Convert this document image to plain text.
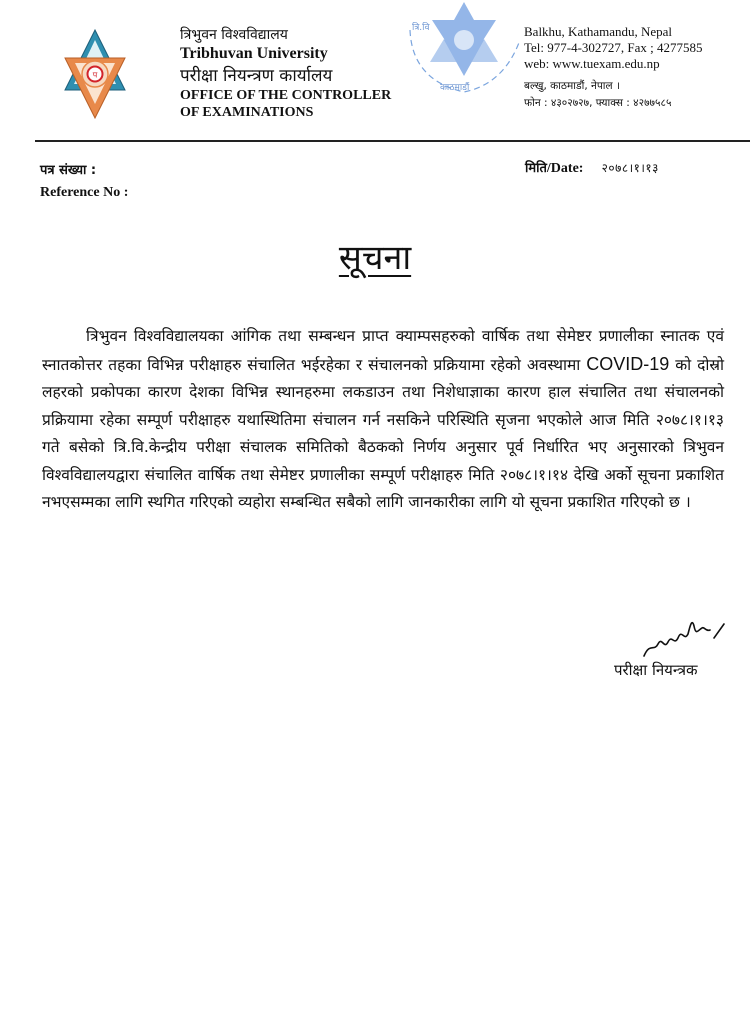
प
त्रिभुवन विश्वविद्यालय
Tribhuvan University
परीक्षा नियन्त्रण कार्यालय
OFFICE OF THE CONTROLLER
OF EXAMINATIONS
काठमाडौं
त्रि.वि	Balkhu, Kathamandu, Nepal
Tel: 977-4-302727, Fax ; 4277585
web: www.tuexam.edu.np
बल्खु, काठमाडौं, नेपाल ।
फोन : ४३०२७२७, फ्याक्स : ४२७७५८५
पत्र संख्या :
Reference No :
मिति/Date: २०७८।१।१३
सूचना
त्रिभुवन विश्वविद्यालयका आंगिक तथा सम्बन्धन प्राप्त क्याम्पसहरुको वार्षिक तथा सेमेष्टर प्रणालीका स्नातक एवं स्नातकोत्तर तहका विभिन्न परीक्षाहरु संचालित भईरहेका र संचालनको प्रक्रियामा रहेको अवस्थामा COVID-19 को दोस्रो लहरको प्रकोपका कारण देशका विभिन्न स्थानहरुमा लकडाउन तथा निशेधाज्ञाका कारण हाल संचालित तथा संचालनको प्रक्रियामा रहेका सम्पूर्ण परीक्षाहरु यथास्थितिमा संचालन गर्न नसकिने परिस्थिति सृजना भएकोले आज मिति २०७८।१।१३ गते बसेको त्रि.वि.केन्द्रीय परीक्षा संचालक समितिको बैठकको निर्णय अनुसार पूर्व निर्धारित भए अनुसारको त्रिभुवन विश्वविद्यालयद्वारा संचालित वार्षिक तथा सेमेष्टर प्रणालीका सम्पूर्ण परीक्षाहरु मिति २०७८।१।१४ देखि अर्को सूचना प्रकाशित नभएसम्मका लागि स्थगित गरिएको व्यहोरा सम्बन्धित सबैको लागि जानकारीका लागि यो सूचना प्रकाशित गरिएको छ ।
परीक्षा नियन्त्रक
